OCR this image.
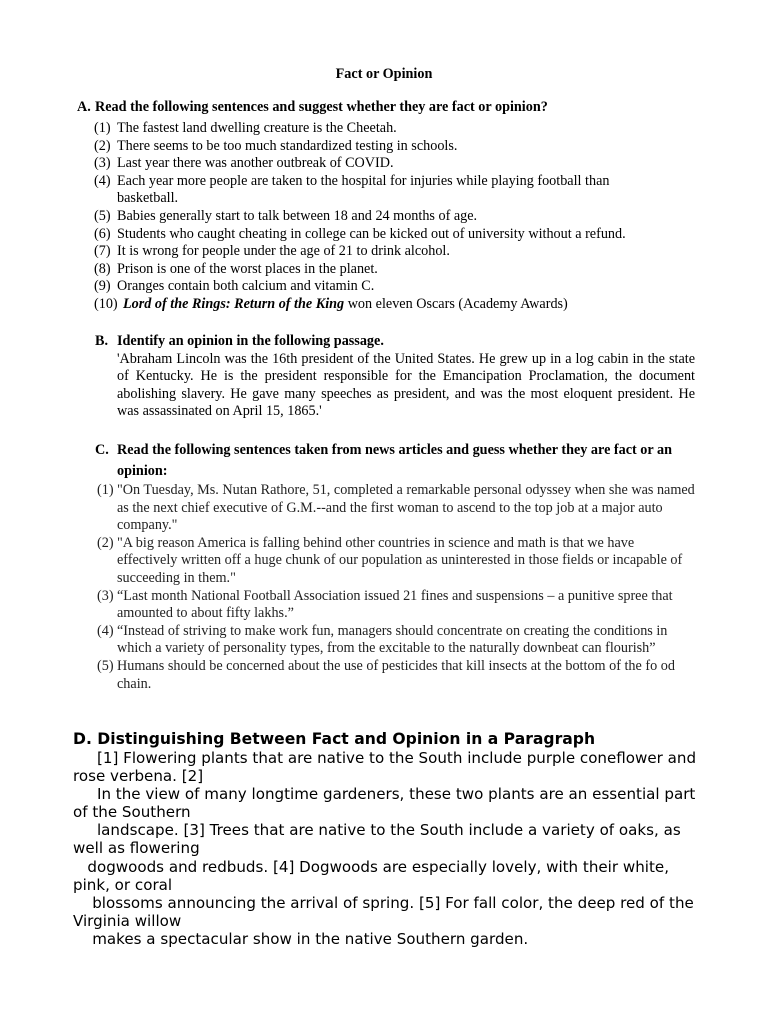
Fact or Opinion
A. Read the following sentences and suggest whether they are fact or opinion?
(1) The fastest land dwelling creature is the Cheetah.
(2) There seems to be too much standardized testing in schools.
(3) Last year there was another outbreak of COVID.
(4) Each year more people are taken to the hospital for injuries while playing football than basketball.
(5) Babies generally start to talk between 18 and 24 months of age.
(6) Students who caught cheating in college can be kicked out of university without a refund.
(7) It is wrong for people under the age of 21 to drink alcohol.
(8) Prison is one of the worst places in the planet.
(9) Oranges contain both calcium and vitamin C.
(10) Lord of the Rings: Return of the King won eleven Oscars (Academy Awards)
B. Identify an opinion in the following passage.
'Abraham Lincoln was the 16th president of the United States. He grew up in a log cabin in the state of Kentucky. He is the president responsible for the Emancipation Proclamation, the document abolishing slavery. He gave many speeches as president, and was the most eloquent president. He was assassinated on April 15, 1865.'
C. Read the following sentences taken from news articles and guess whether they are fact or an opinion:
(1) "On Tuesday, Ms. Nutan Rathore, 51, completed a remarkable personal odyssey when she was named as the next chief executive of G.M.--and the first woman to ascend to the top job at a major auto company."
(2) "A big reason America is falling behind other countries in science and math is that we have effectively written off a huge chunk of our population as uninterested in those fields or incapable of succeeding in them."
(3) “Last month National Football Association issued 21 fines and suspensions – a punitive spree that amounted to about fifty lakhs.”
(4) “Instead of striving to make work fun, managers should concentrate on creating the conditions in which a variety of personality types, from the excitable to the naturally downbeat can flourish”
(5) Humans should be concerned about the use of pesticides that kill insects at the bottom of the fo od chain.
D. Distinguishing Between Fact and Opinion in a Paragraph
[1] Flowering plants that are native to the South include purple coneflower and
rose verbena. [2]
In the view of many longtime gardeners, these two plants are an essential part
of the Southern
landscape. [3] Trees that are native to the South include a variety of oaks, as
well as flowering
dogwoods and redbuds. [4] Dogwoods are especially lovely, with their white,
pink, or coral
blossoms announcing the arrival of spring. [5] For fall color, the deep red of the
Virginia willow
makes a spectacular show in the native Southern garden.
